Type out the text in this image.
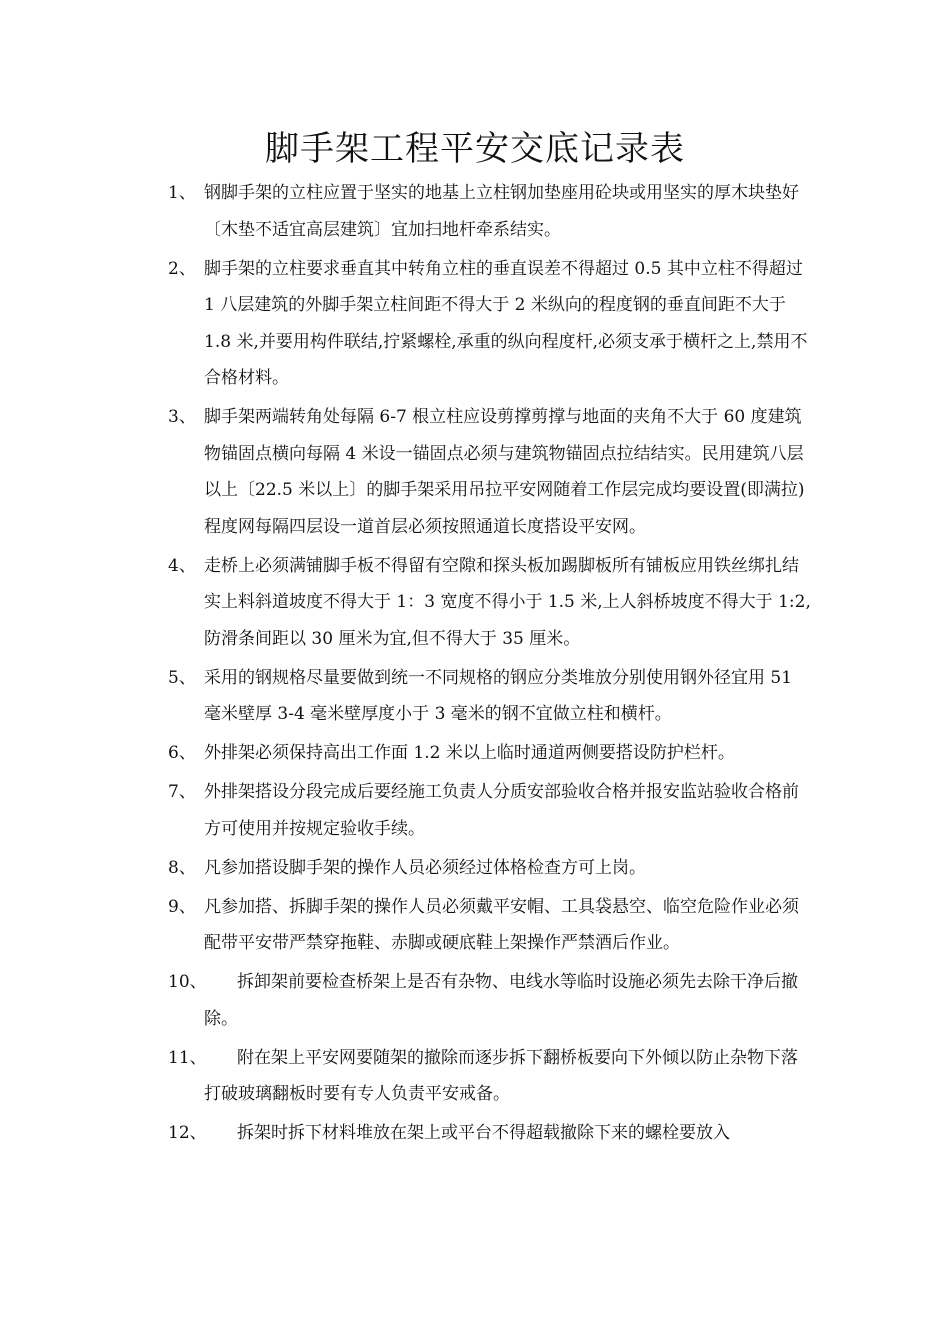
脚手架工程平安交底记录表
1、 钢脚手架的立柱应置于坚实的地基上立柱钢加垫座用砼块或用坚实的厚木块垫好〔木垫不适宜高层建筑〕宜加扫地杆牵系结实。
2、 脚手架的立柱要求垂直其中转角立柱的垂直误差不得超过 0.5 其中立柱不得超过 1 八层建筑的外脚手架立柱间距不得大于 2 米纵向的程度钢的垂直间距不大于 1.8 米,并要用构件联结,拧紧螺栓,承重的纵向程度杆,必须支承于横杆之上,禁用不合格材料。
3、 脚手架两端转角处每隔 6-7 根立柱应设剪撑剪撑与地面的夹角不大于 60 度建筑物锚固点横向每隔 4 米设一锚固点必须与建筑物锚固点拉结结实。民用建筑八层以上〔22.5 米以上〕的脚手架采用吊拉平安网随着工作层完成均要设置(即满拉)程度网每隔四层设一道首层必须按照通道长度搭设平安网。
4、 走桥上必须满铺脚手板不得留有空隙和探头板加踢脚板所有铺板应用铁丝绑扎结实上料斜道坡度不得大于 1：3 宽度不得小于 1.5 米,上人斜桥坡度不得大于 1:2,防滑条间距以 30 厘米为宜,但不得大于 35 厘米。
5、 采用的钢规格尽量要做到统一不同规格的钢应分类堆放分别使用钢外径宜用 51 毫米壁厚 3-4 毫米壁厚度小于 3 毫米的钢不宜做立柱和横杆。
6、 外排架必须保持高出工作面 1.2 米以上临时通道两侧要搭设防护栏杆。
7、 外排架搭设分段完成后要经施工负责人分质安部验收合格并报安监站验收合格前方可使用并按规定验收手续。
8、 凡参加搭设脚手架的操作人员必须经过体格检查方可上岗。
9、 凡参加搭、拆脚手架的操作人员必须戴平安帽、工具袋悬空、临空危险作业必须配带平安带严禁穿拖鞋、赤脚或硬底鞋上架操作严禁酒后作业。
10、	拆卸架前要检查桥架上是否有杂物、电线水等临时设施必须先去除干净后撤除。
11、	附在架上平安网要随架的撤除而逐步拆下翻桥板要向下外倾以防止杂物下落打破玻璃翻板时要有专人负责平安戒备。
12、	拆架时拆下材料堆放在架上或平台不得超载撤除下来的螺栓要放入
